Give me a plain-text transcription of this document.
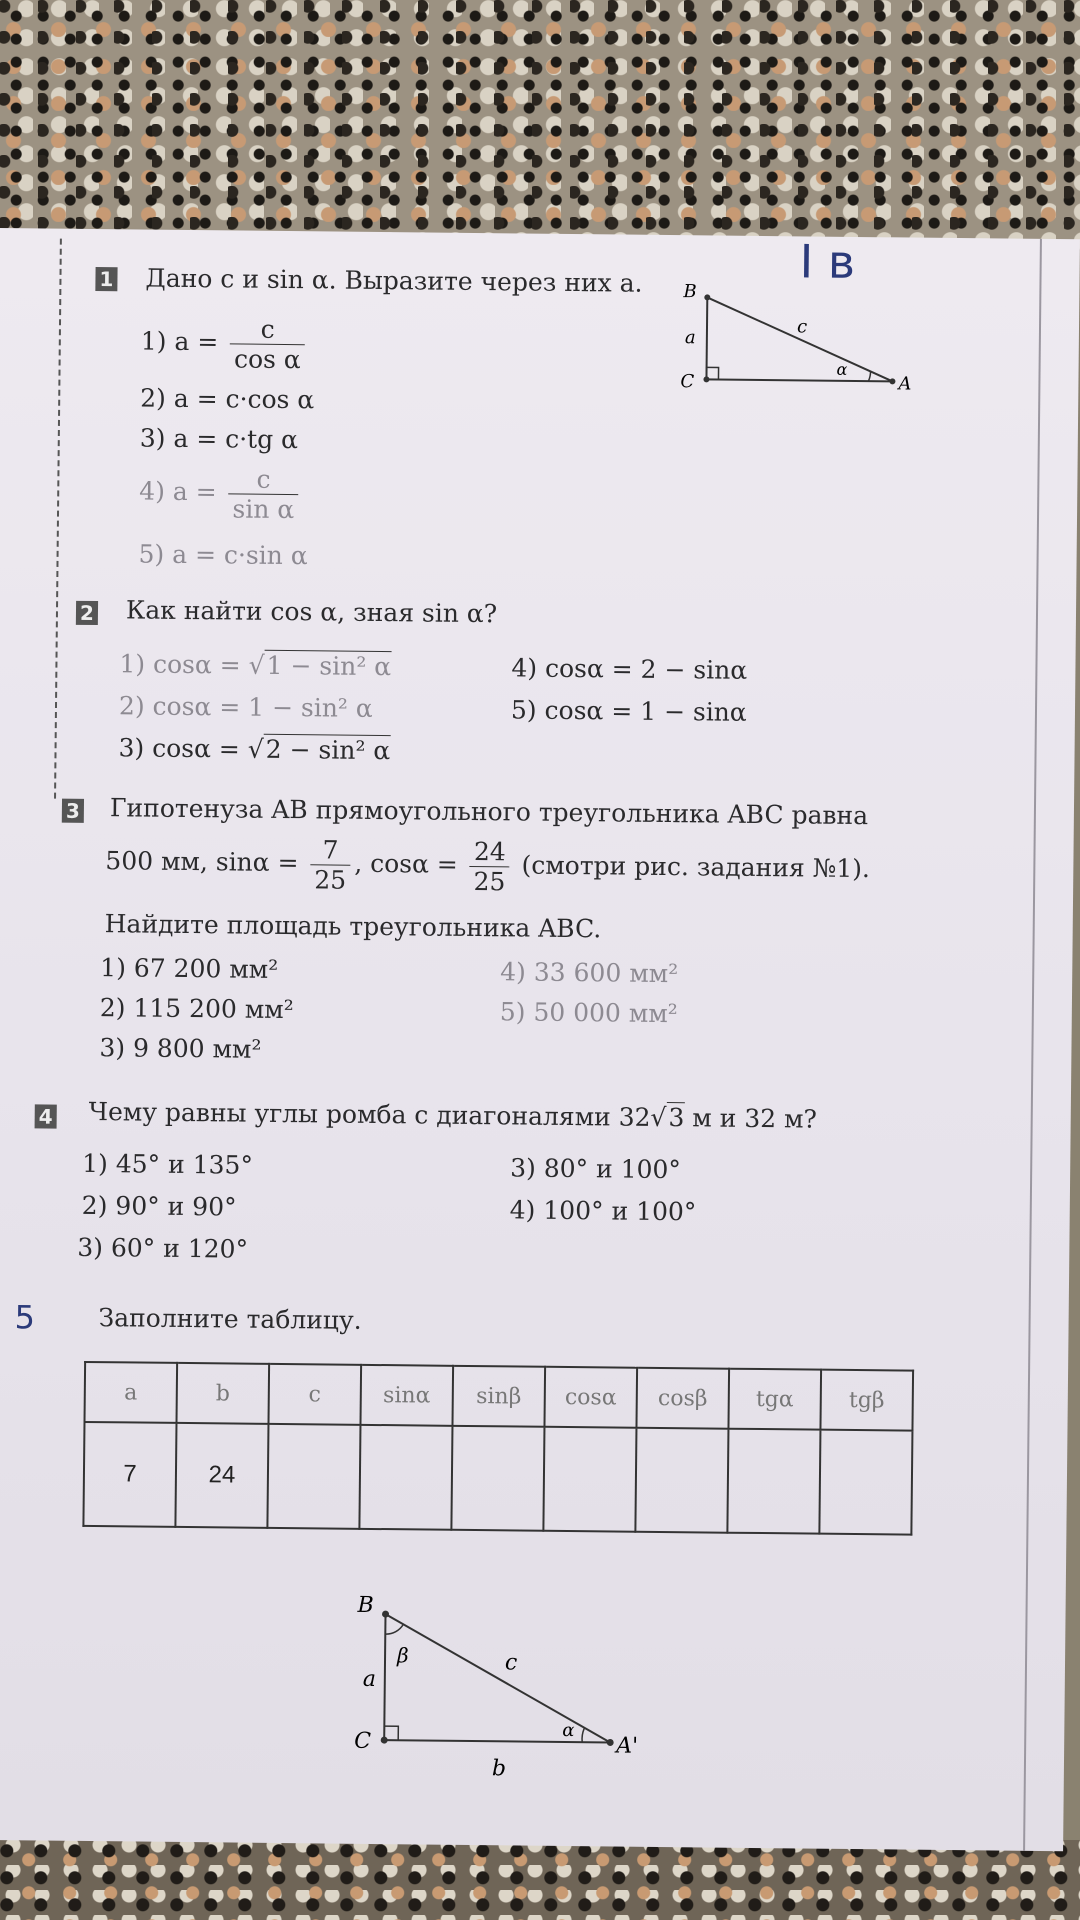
I в
1 Дано c и sin α. Выразите через них a.
1) $a = \frac{c}{\text{cos α}}$
2) a = c·cos α
3) a = c·tg α
4) $a = \frac{c}{\text{sin α}}$
5) a = c·sin α
B
C	A
a
c
α
2 Как найти cos α, зная sin α?
1) cosα = √1 − sin² α
2) cosα = 1 − sin² α
3) cosα = √2 − sin² α
4) cosα = 2 − sinα
5) cosα = 1 − sinα
3 Гипотенуза AB прямоугольного треугольника ABC равна
500 мм, $\sin\alpha = \frac{7}{25}$ , $\cos\alpha = \frac{24}{25}$ (смотри рис. задания №1).
Найдите площадь треугольника ABC.
1) 67 200 мм²
2) 115 200 мм²
3) 9 800 мм²
4) 33 600 мм²
5) 50 000 мм²
4 Чему равны углы ромба с диагоналями 32√3 м и 32 м?
1) 45° и 135°
2) 90° и 90°
3) 60° и 120°
3) 80° и 100°
4) 100° и 100°
5	Заполните таблицу.
a	b	c	sinα	sinβ	cosα	cosβ	tgα	tgβ
7	24							
B
C	A'
a
b
c
β
α
